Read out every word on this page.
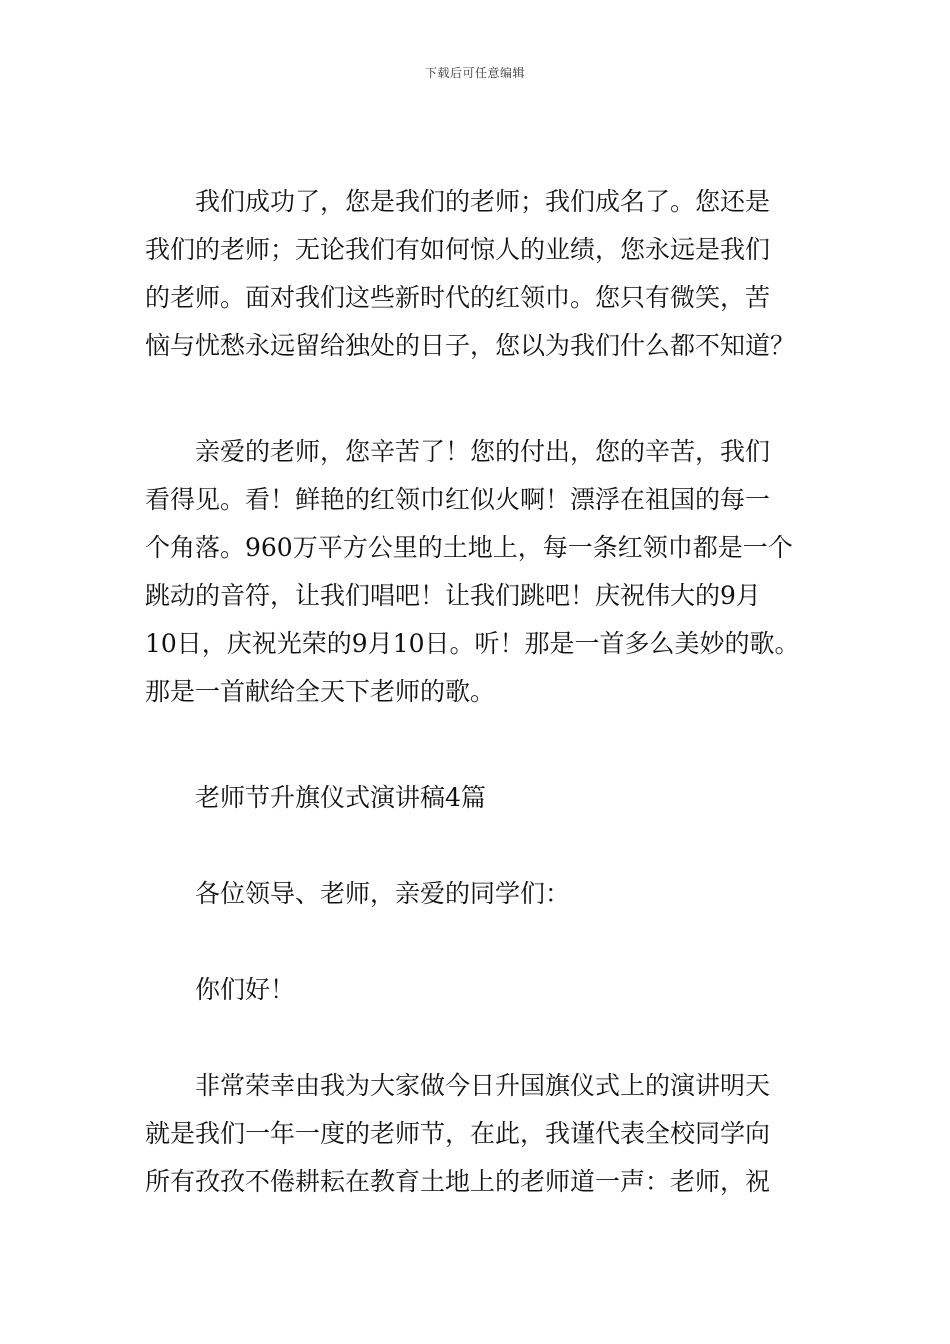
下载后可任意编辑
我们成功了，您是我们的老师；我们成名了。您还是
我们的老师；无论我们有如何惊人的业绩，您永远是我们
的老师。面对我们这些新时代的红领巾。您只有微笑，苦
恼与忧愁永远留给独处的日子，您以为我们什么都不知道？
亲爱的老师，您辛苦了！您的付出，您的辛苦，我们
看得见。看！鲜艳的红领巾红似火啊！漂浮在祖国的每一
个角落。960万平方公里的土地上，每一条红领巾都是一个
跳动的音符，让我们唱吧！让我们跳吧！庆祝伟大的9月
10日，庆祝光荣的9月10日。听！那是一首多么美妙的歌。
那是一首献给全天下老师的歌。
老师节升旗仪式演讲稿4篇
各位领导、老师，亲爱的同学们：
你们好！
非常荣幸由我为大家做今日升国旗仪式上的演讲明天
就是我们一年一度的老师节，在此，我谨代表全校同学向
所有孜孜不倦耕耘在教育土地上的老师道一声：老师，祝
